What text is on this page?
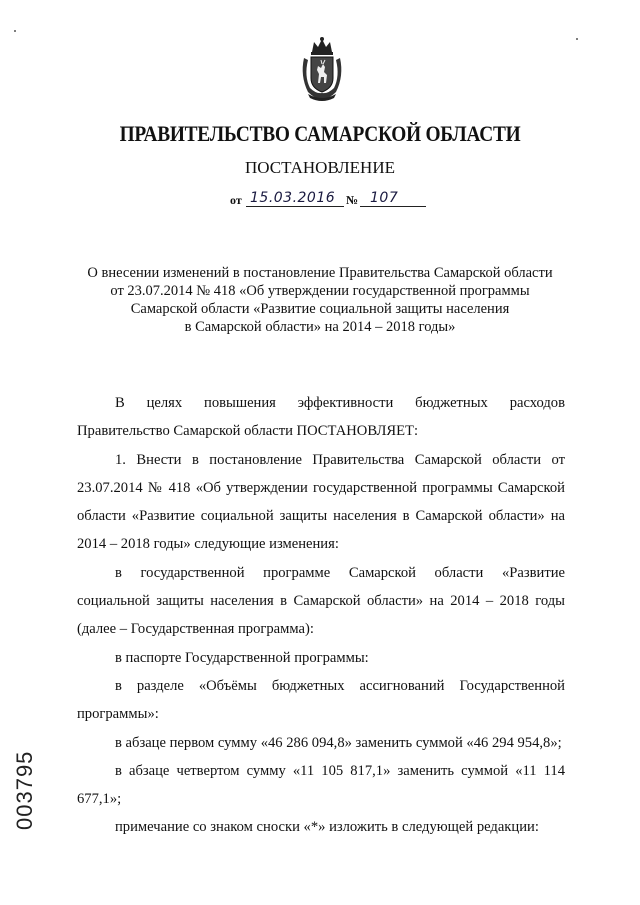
ПРАВИТЕЛЬСТВО САМАРСКОЙ ОБЛАСТИ
ПОСТАНОВЛЕНИЕ
от 15.03.2016 № 107
О внесении изменений в постановление Правительства Самарской области
от 23.07.2014 № 418 «Об утверждении государственной программы
Самарской области «Развитие социальной защиты населения
в Самарской области» на 2014 – 2018 годы»

В целях повышения эффективности бюджетных расходов Правительство Самарской области ПОСТАНОВЛЯЕТ:

1. Внести в постановление Правительства Самарской области от 23.07.2014 № 418 «Об утверждении государственной программы Самарской области «Развитие социальной защиты населения в Самарской области» на 2014 – 2018 годы» следующие изменения:

в государственной программе Самарской области «Развитие социальной защиты населения в Самарской области» на 2014 – 2018 годы (далее – Государственная программа):

в паспорте Государственной программы:

в разделе «Объёмы бюджетных ассигнований Государственной программы»:

в абзаце первом сумму «46 286 094,8» заменить суммой «46 294 954,8»;

в абзаце четвертом сумму «11 105 817,1» заменить суммой «11 114 677,1»;

примечание со знаком сноски «*» изложить в следующей редакции:

003795
